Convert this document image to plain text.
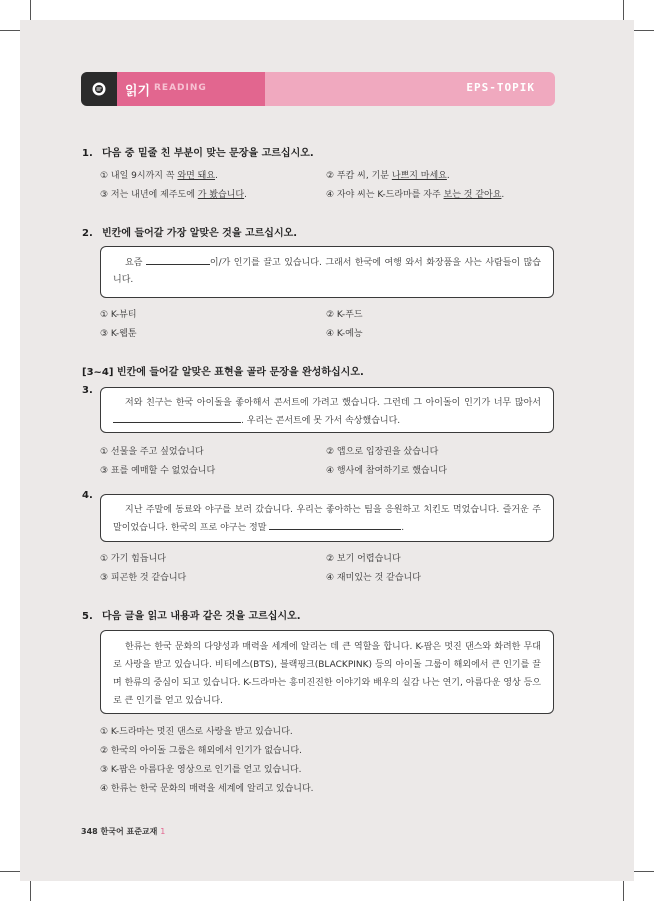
읽기 READING	EPS-TOPIK
1. 다음 중 밑줄 친 부분이 맞는 문장을 고르십시오.
① 내일 9시까지 꼭 와면 돼요.	② 푸캄 씨, 기분 나쁘지 마세요.
③ 저는 내년에 제주도에 가 봤습니다.	④ 자야 씨는 K-드라마를 자주 보는 것 같아요.
2. 빈칸에 들어갈 가장 알맞은 것을 고르십시오.
요즘	이/가 인기를 끌고 있습니다. 그래서 한국에 여행 와서 화장품을 사는 사람들이 많습니다.
① K-뷰티	② K-푸드
③ K-웹툰	④ K-예능
[3~4] 빈칸에 들어갈 알맞은 표현을 골라 문장을 완성하십시오.
3.
저와 친구는 한국 아이돌을 좋아해서 콘서트에 가려고 했습니다. 그런데 그 아이돌이 인기가 너무 많아서 . 우리는 콘서트에 못 가서 속상했습니다.
① 선물을 주고 싶었습니다	② 앱으로 입장권을 샀습니다
③ 표를 예매할 수 없었습니다	④ 행사에 참여하기로 했습니다
4.
지난 주말에 동료와 야구를 보러 갔습니다. 우리는 좋아하는 팀을 응원하고 치킨도 먹었습니다. 즐거운 주말이었습니다. 한국의 프로 야구는 정말	.
① 가기 힘듭니다	② 보기 어렵습니다
③ 피곤한 것 같습니다	④ 재미있는 것 같습니다
5. 다음 글을 읽고 내용과 같은 것을 고르십시오.
한류는 한국 문화의 다양성과 매력을 세계에 알리는 데 큰 역할을 합니다. K-팝은 멋진 댄스와 화려한 무대로 사랑을 받고 있습니다. 비티에스(BTS), 블랙핑크(BLACKPINK) 등의 아이돌 그룹이 해외에서 큰 인기를 끌며 한류의 중심이 되고 있습니다. K-드라마는 흥미진진한 이야기와 배우의 실감 나는 연기, 아름다운 영상 등으로 큰 인기를 얻고 있습니다.
① K-드라마는 멋진 댄스로 사랑을 받고 있습니다.
② 한국의 아이돌 그룹은 해외에서 인기가 없습니다.
③ K-팝은 아름다운 영상으로 인기를 얻고 있습니다.
④ 한류는 한국 문화의 매력을 세계에 알리고 있습니다.
348 한국어 표준교재 1
